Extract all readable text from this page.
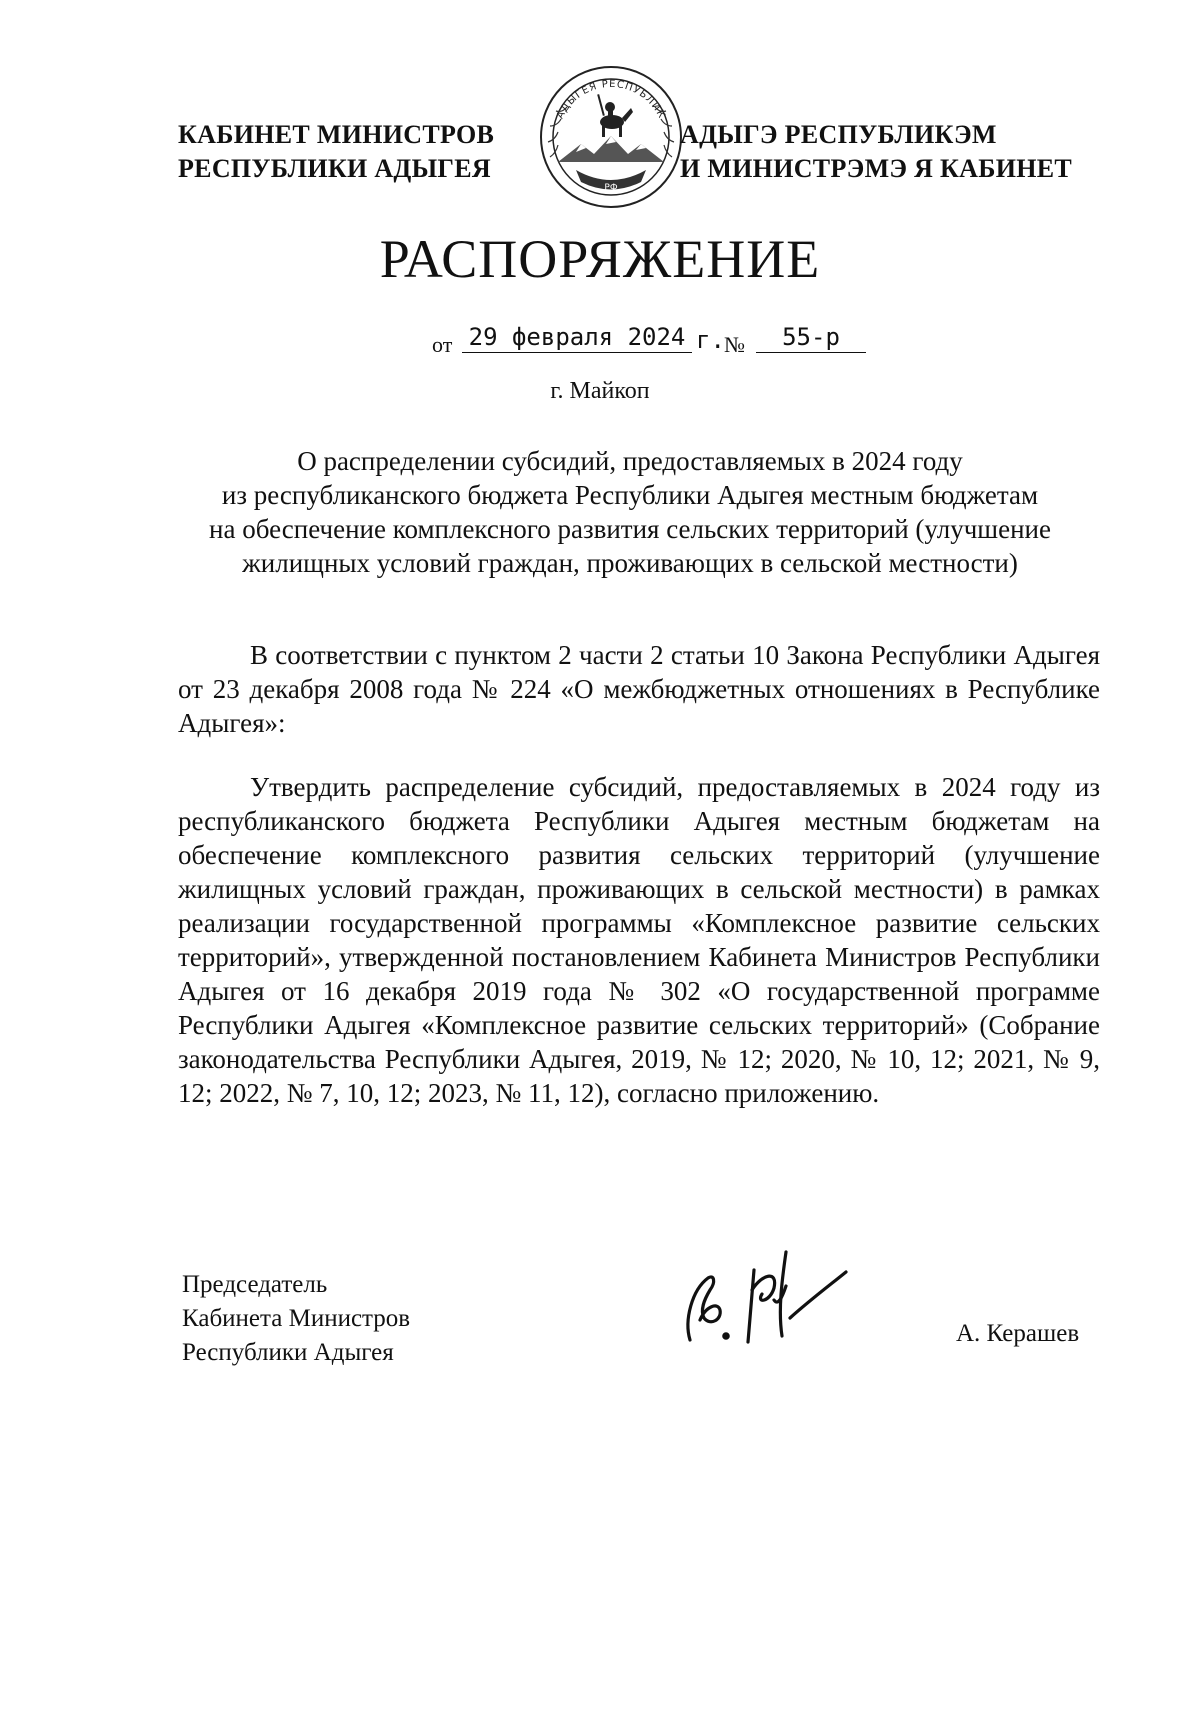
КАБИНЕТ МИНИСТРОВ
РЕСПУБЛИКИ АДЫГЕЯ
АДЫГЕЯ РЕСПУБЛИК
РФ
АДЫГЭ РЕСПУБЛИКЭМ
И МИНИСТРЭМЭ Я КАБИНЕТ
РАСПОРЯЖЕНИЕ
от 29 февраля 2024 г. №	55-р
г. Майкоп
О распределении субсидий, предоставляемых в 2024 году
из республиканского бюджета Республики Адыгея местным бюджетам
на обеспечение комплексного развития сельских территорий (улучшение
жилищных условий граждан, проживающих в сельской местности)
В соответствии с пунктом 2 части 2 статьи 10 Закона Республики Адыгея от 23 декабря 2008 года № 224 «О межбюджетных отношениях в Республике Адыгея»:
Утвердить распределение субсидий, предоставляемых в 2024 году из республиканского бюджета Республики Адыгея местным бюджетам на обеспечение комплексного развития сельских территорий (улучшение жилищных условий граждан, проживающих в сельской местности) в рамках реализации государственной программы «Комплексное развитие сельских территорий», утвержденной постановлением Кабинета Министров Республики Адыгея от 16 декабря 2019 года № 302 «О государственной программе Республики Адыгея «Комплексное развитие сельских территорий» (Собрание законодательства Республики Адыгея, 2019, № 12; 2020, № 10, 12; 2021, № 9, 12; 2022, № 7, 10, 12; 2023, № 11, 12), согласно приложению.
Председатель
Кабинета Министров
Республики Адыгея
А. Керашев
